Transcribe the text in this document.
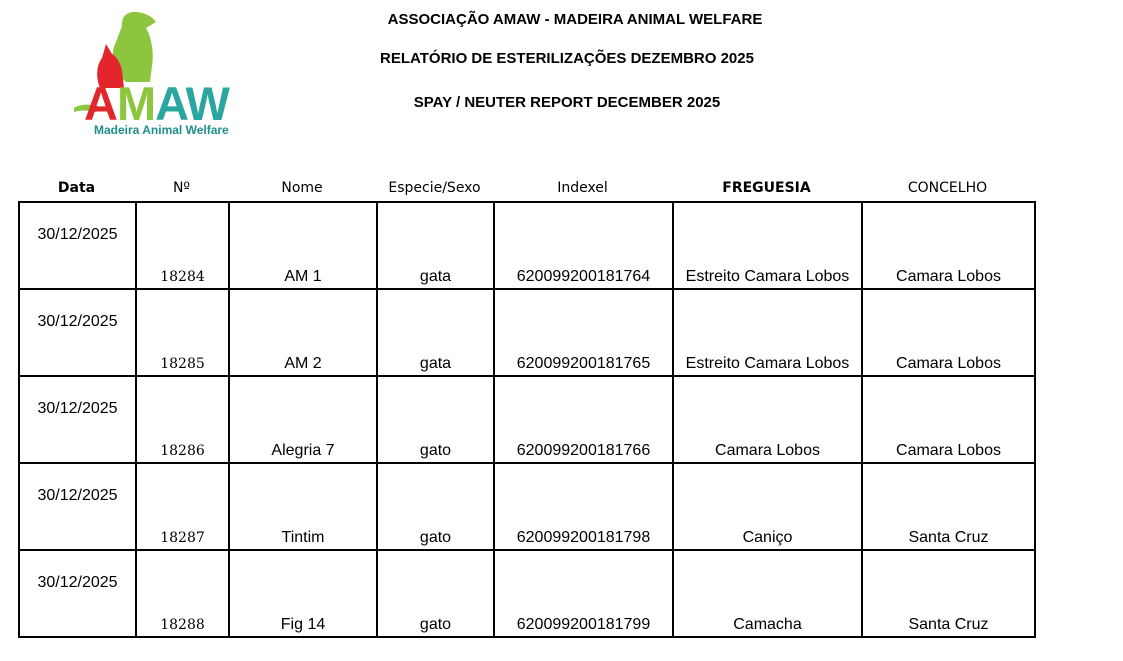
AMAW
Madeira Animal Welfare
ASSOCIAÇÃO AMAW - MADEIRA ANIMAL WELFARE
RELATÓRIO DE ESTERILIZAÇÕES DEZEMBRO 2025
SPAY / NEUTER REPORT DECEMBER 2025
Data	Nº	Nome	Especie/Sexo	Indexel	FREGUESIA	CONCELHO
30/12/2025	18284	AM 1	gata	620099200181764	Estreito Camara Lobos	Camara Lobos
30/12/2025	18285	AM 2	gata	620099200181765	Estreito Camara Lobos	Camara Lobos
30/12/2025	18286	Alegria 7	gato	620099200181766	Camara Lobos	Camara Lobos
30/12/2025	18287	Tintim	gato	620099200181798	Caniço	Santa Cruz
30/12/2025	18288	Fig 14	gato	620099200181799	Camacha	Santa Cruz
